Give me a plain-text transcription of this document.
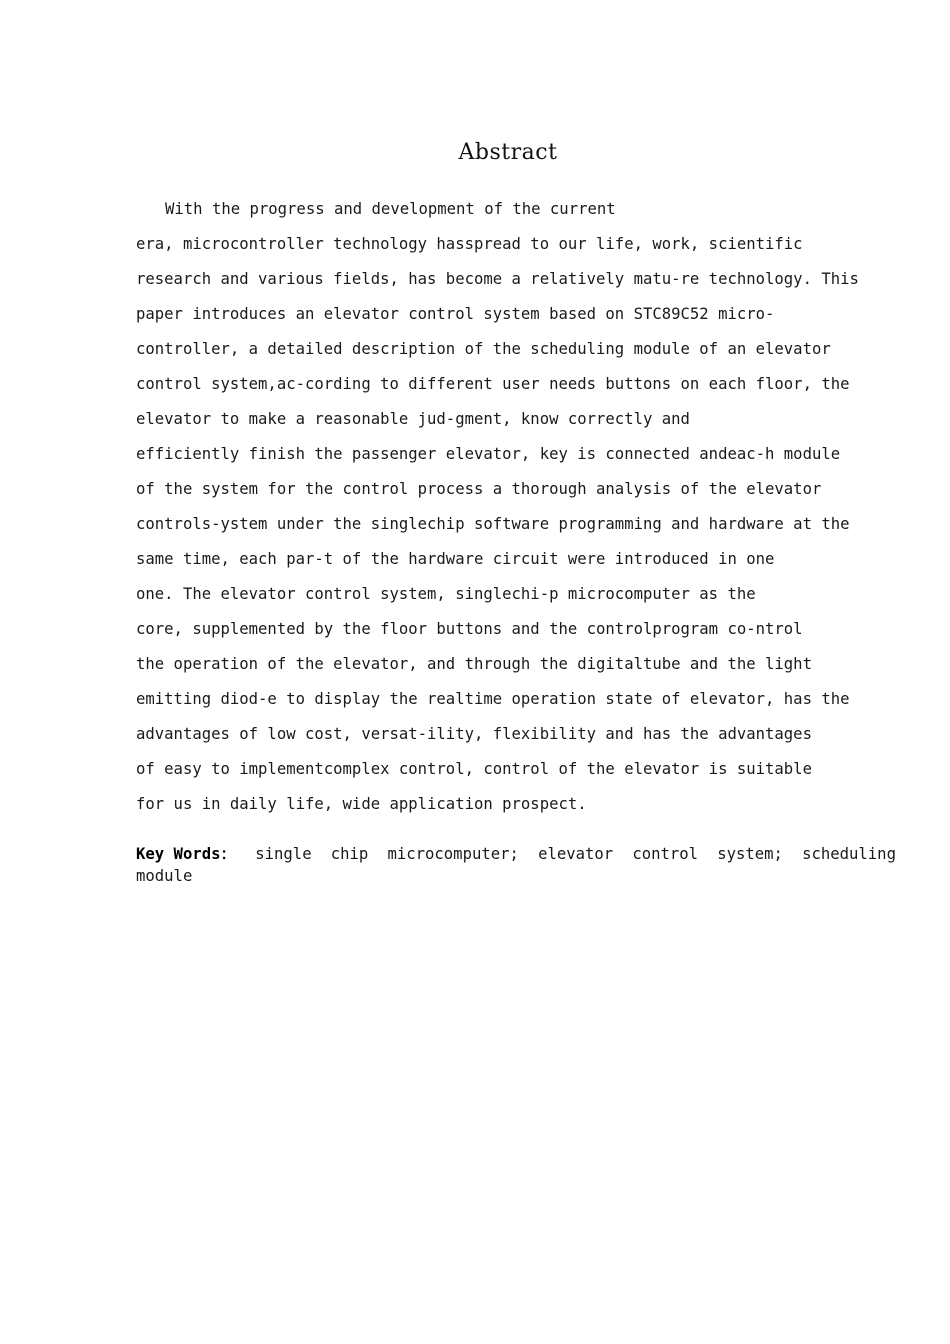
Abstract
With the progress and development of the current
era, microcontroller technology hasspread to our life, work, scientific
research and various fields, has become a relatively matu-re technology. This
paper introduces an elevator control system based on STC89C52 micro-
controller, a detailed description of the scheduling module of an elevator
control system,ac-cording to different user needs buttons on each floor, the
elevator to make a reasonable jud-gment, know correctly and
efficiently finish the passenger elevator, key is connected andeac-h module
of the system for the control process a thorough analysis of the elevator
controls-ystem under the singlechip software programming and hardware at the
same time, each par-t of the hardware circuit were introduced in one
one. The elevator control system, singlechi-p microcomputer as the
core, supplemented by the floor buttons and the controlprogram co-ntrol
the operation of the elevator, and through the digitaltube and the light
emitting diod-e to display the realtime operation state of elevator, has the
advantages of low cost, versat-ility, flexibility and has the advantages
of easy to implementcomplex control, control of the elevator is suitable
for us in daily life, wide application prospect.
Key Words： single chip microcomputer; elevator control system; scheduling
module
